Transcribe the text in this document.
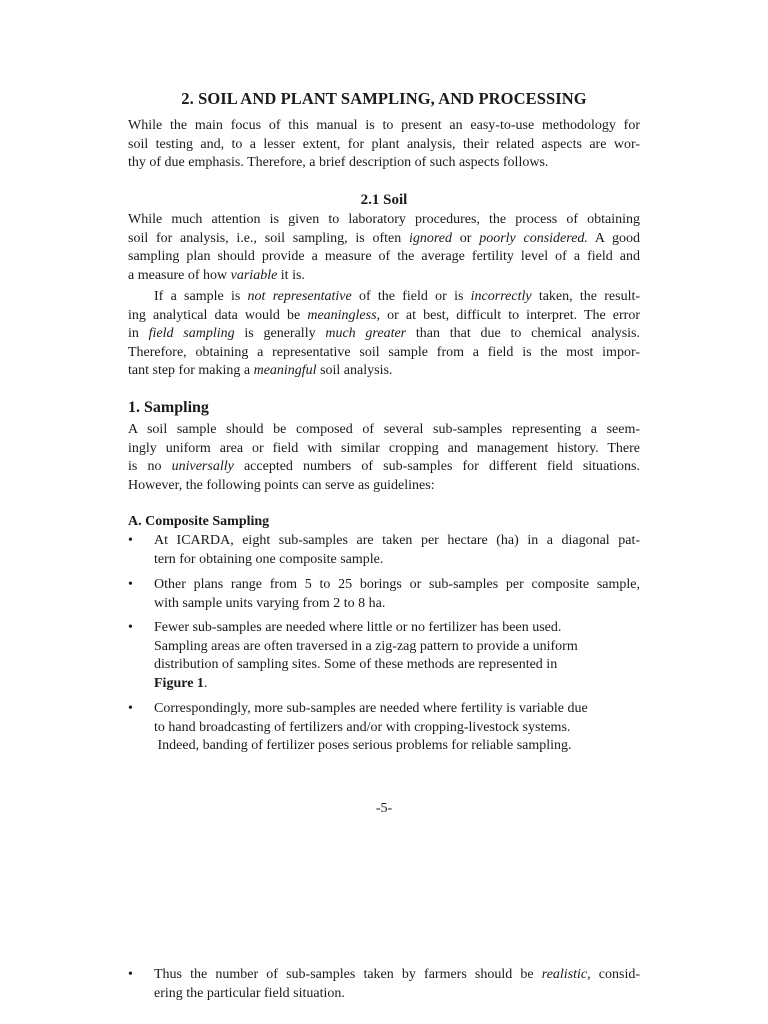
2. SOIL AND PLANT SAMPLING, AND PROCESSING
While the main focus of this manual is to present an easy-to-use methodology for
soil testing and, to a lesser extent, for plant analysis, their related aspects are wor-
thy of due emphasis. Therefore, a brief description of such aspects follows.
2.1 Soil
While much attention is given to laboratory procedures, the process of obtaining
soil for analysis, i.e., soil sampling, is often ignored or poorly considered. A good
sampling plan should provide a measure of the average fertility level of a field and
a measure of how variable it is.
If a sample is not representative of the field or is incorrectly taken, the result-
ing analytical data would be meaningless, or at best, difficult to interpret. The error
in field sampling is generally much greater than that due to chemical analysis.
Therefore, obtaining a representative soil sample from a field is the most impor-
tant step for making a meaningful soil analysis.
1. Sampling
A soil sample should be composed of several sub-samples representing a seem-
ingly uniform area or field with similar cropping and management history. There
is no universally accepted numbers of sub-samples for different field situations.
However, the following points can serve as guidelines:
A. Composite Sampling
•	At ICARDA, eight sub-samples are taken per hectare (ha) in a diagonal pat-
tern for obtaining one composite sample.
•	Other plans range from 5 to 25 borings or sub-samples per composite sample,
with sample units varying from 2 to 8 ha.
•	Fewer sub-samples are needed where little or no fertilizer has been used.
Sampling areas are often traversed in a zig-zag pattern to provide a uniform
distribution of sampling sites. Some of these methods are represented in
Figure 1.
•	Correspondingly, more sub-samples are needed where fertility is variable due
to hand broadcasting of fertilizers and/or with cropping-livestock systems.
Indeed, banding of fertilizer poses serious problems for reliable sampling.
-5-
•	Thus the number of sub-samples taken by farmers should be realistic, consid-
ering the particular field situation.
